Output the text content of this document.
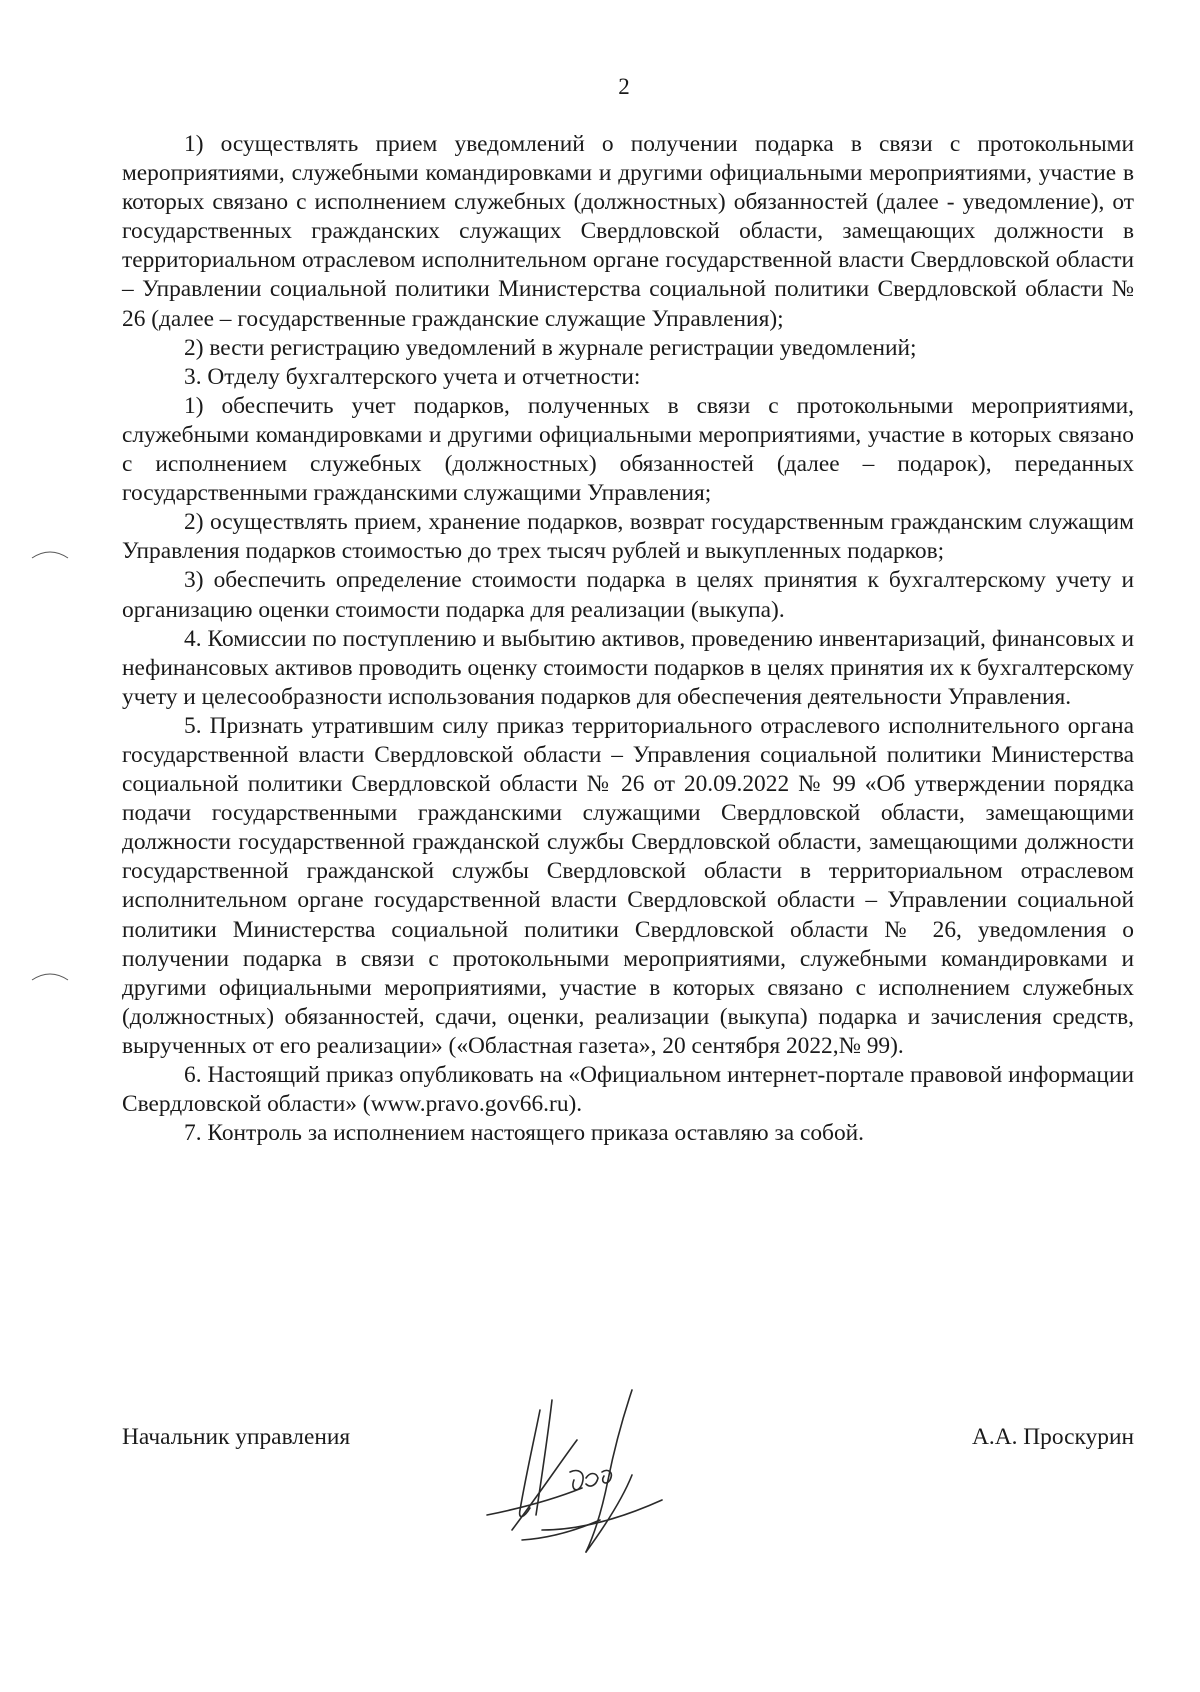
2

1) осуществлять прием уведомлений о получении подарка в связи с протокольными мероприятиями, служебными командировками и другими официальными мероприятиями, участие в которых связано с исполнением служебных (должностных) обязанностей (далее - уведомление), от государственных гражданских служащих Свердловской области, замещающих должности в территориальном отраслевом исполнительном органе государственной власти Свердловской области – Управлении социальной политики Министерства социальной политики Свердловской области № 26 (далее – государственные гражданские служащие Управления);

2) вести регистрацию уведомлений в журнале регистрации уведомлений;

3. Отделу бухгалтерского учета и отчетности:

1) обеспечить учет подарков, полученных в связи с протокольными мероприятиями, служебными командировками и другими официальными мероприятиями, участие в которых связано с исполнением служебных (должностных) обязанностей (далее – подарок), переданных государственными гражданскими служащими Управления;

2) осуществлять прием, хранение подарков, возврат государственным гражданским служащим Управления подарков стоимостью до трех тысяч рублей и выкупленных подарков;

3) обеспечить определение стоимости подарка в целях принятия к бухгалтерскому учету и организацию оценки стоимости подарка для реализации (выкупа).

4. Комиссии по поступлению и выбытию активов, проведению инвентаризаций, финансовых и нефинансовых активов проводить оценку стоимости подарков в целях принятия их к бухгалтерскому учету и целесообразности использования подарков для обеспечения деятельности Управления.

5. Признать утратившим силу приказ территориального отраслевого исполнительного органа государственной власти Свердловской области – Управления социальной политики Министерства социальной политики Свердловской области № 26 от 20.09.2022 № 99 «Об утверждении порядка подачи государственными гражданскими служащими Свердловской области, замещающими должности государственной гражданской службы Свердловской области, замещающими должности государственной гражданской службы Свердловской области в территориальном отраслевом исполнительном органе государственной власти Свердловской области – Управлении социальной политики Министерства социальной политики Свердловской области № 26, уведомления о получении подарка в связи с протокольными мероприятиями, служебными командировками и другими официальными мероприятиями, участие в которых связано с исполнением служебных (должностных) обязанностей, сдачи, оценки, реализации (выкупа) подарка и зачисления средств, вырученных от его реализации» («Областная газета», 20 сентября 2022,№ 99).

6. Настоящий приказ опубликовать на «Официальном интернет-портале правовой информации Свердловской области» (www.pravo.gov66.ru).

7. Контроль за исполнением настоящего приказа оставляю за собой.

Начальник управления	А.А. Проскурин
